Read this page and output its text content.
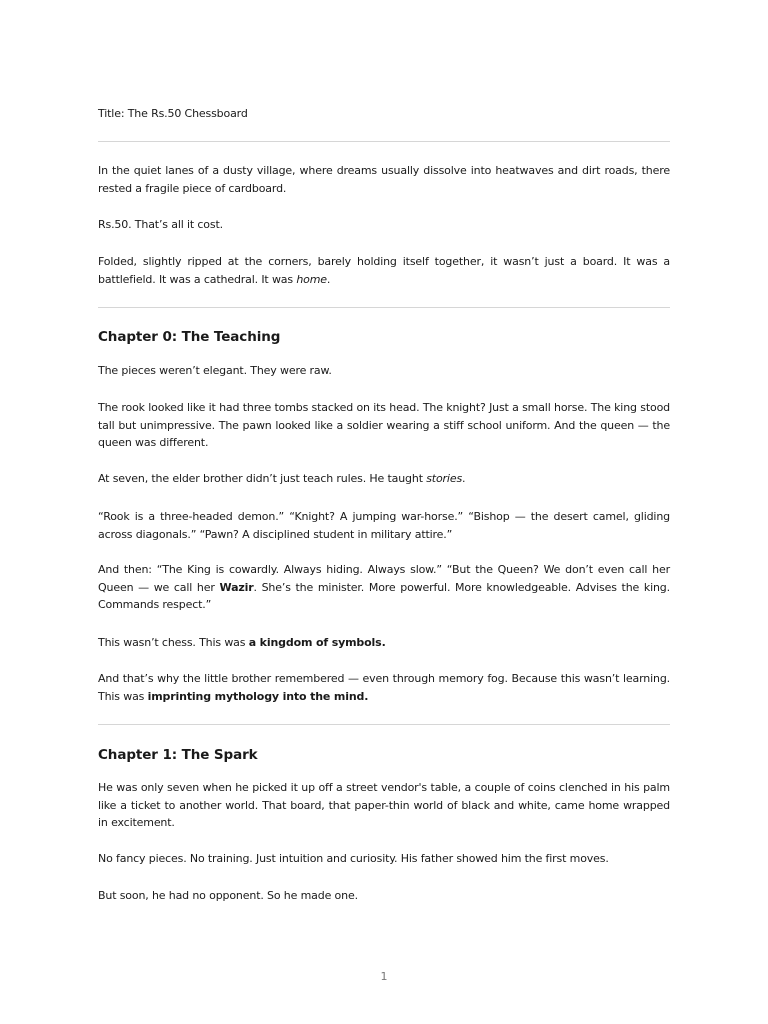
Title: The Rs.50 Chessboard

In the quiet lanes of a dusty village, where dreams usually dissolve into heatwaves and dirt roads, there rested a fragile piece of cardboard.

Rs.50. That’s all it cost.

Folded, slightly ripped at the corners, barely holding itself together, it wasn’t just a board. It was a battlefield. It was a cathedral. It was home.

Chapter 0: The Teaching

The pieces weren’t elegant. They were raw.

The rook looked like it had three tombs stacked on its head. The knight? Just a small horse. The king stood tall but unimpressive. The pawn looked like a soldier wearing a stiff school uniform. And the queen — the queen was different.

At seven, the elder brother didn’t just teach rules. He taught stories.

“Rook is a three-headed demon.” “Knight? A jumping war-horse.” “Bishop — the desert camel, gliding across diagonals.” “Pawn? A disciplined student in military attire.”

And then: “The King is cowardly. Always hiding. Always slow.” “But the Queen? We don’t even call her Queen — we call her Wazir. She’s the minister. More powerful. More knowledgeable. Advises the king. Commands respect.”

This wasn’t chess. This was a kingdom of symbols.

And that’s why the little brother remembered — even through memory fog. Because this wasn’t learning. This was imprinting mythology into the mind.

Chapter 1: The Spark

He was only seven when he picked it up off a street vendor's table, a couple of coins clenched in his palm like a ticket to another world. That board, that paper-thin world of black and white, came home wrapped in excitement.

No fancy pieces. No training. Just intuition and curiosity. His father showed him the first moves.

But soon, he had no opponent. So he made one.

1
